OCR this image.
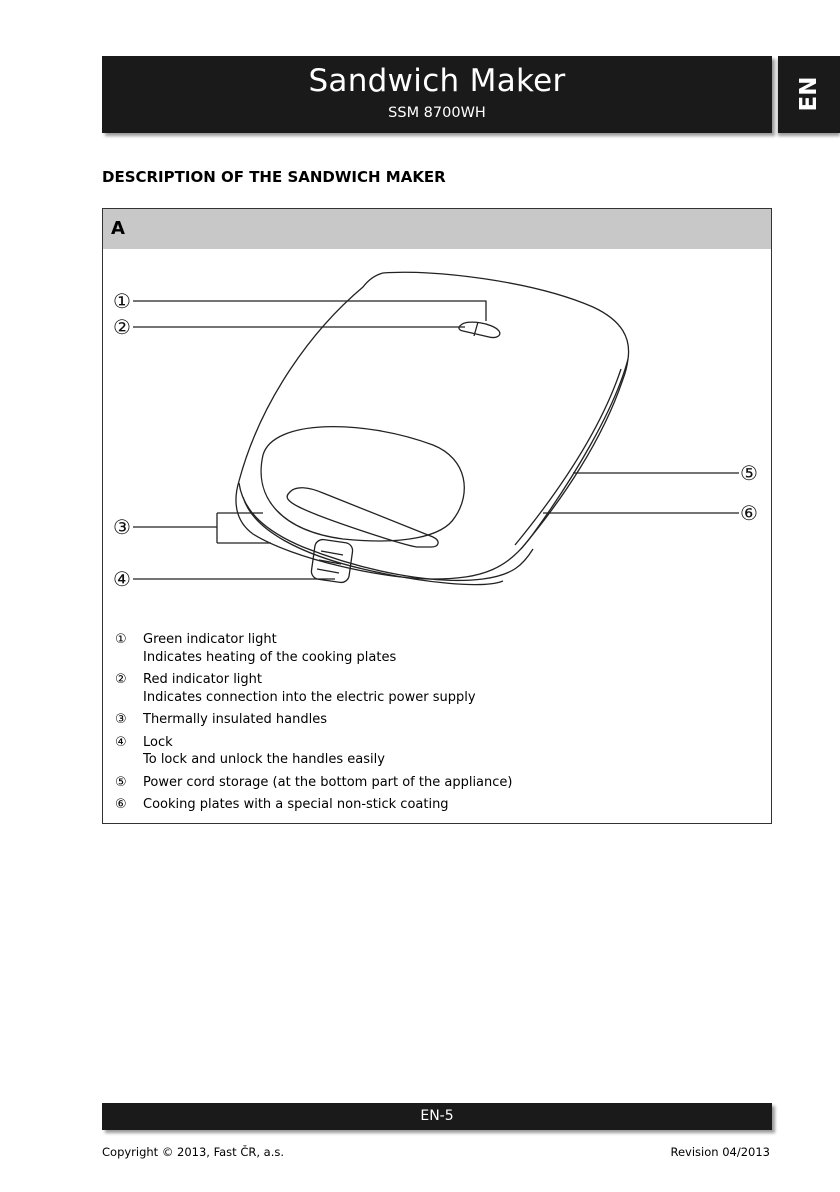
Sandwich Maker
SSM 8700WH
EN
DESCRIPTION OF THE SANDWICH MAKER
A
①
②
③
④
⑤
⑥
① Green indicator light
Indicates heating of the cooking plates
② Red indicator light
Indicates connection into the electric power supply
③ Thermally insulated handles
④ Lock
To lock and unlock the handles easily
⑤ Power cord storage (at the bottom part of the appliance)
⑥ Cooking plates with a special non-stick coating
EN-5
Copyright © 2013, Fast ČR, a.s.	Revision 04/2013
